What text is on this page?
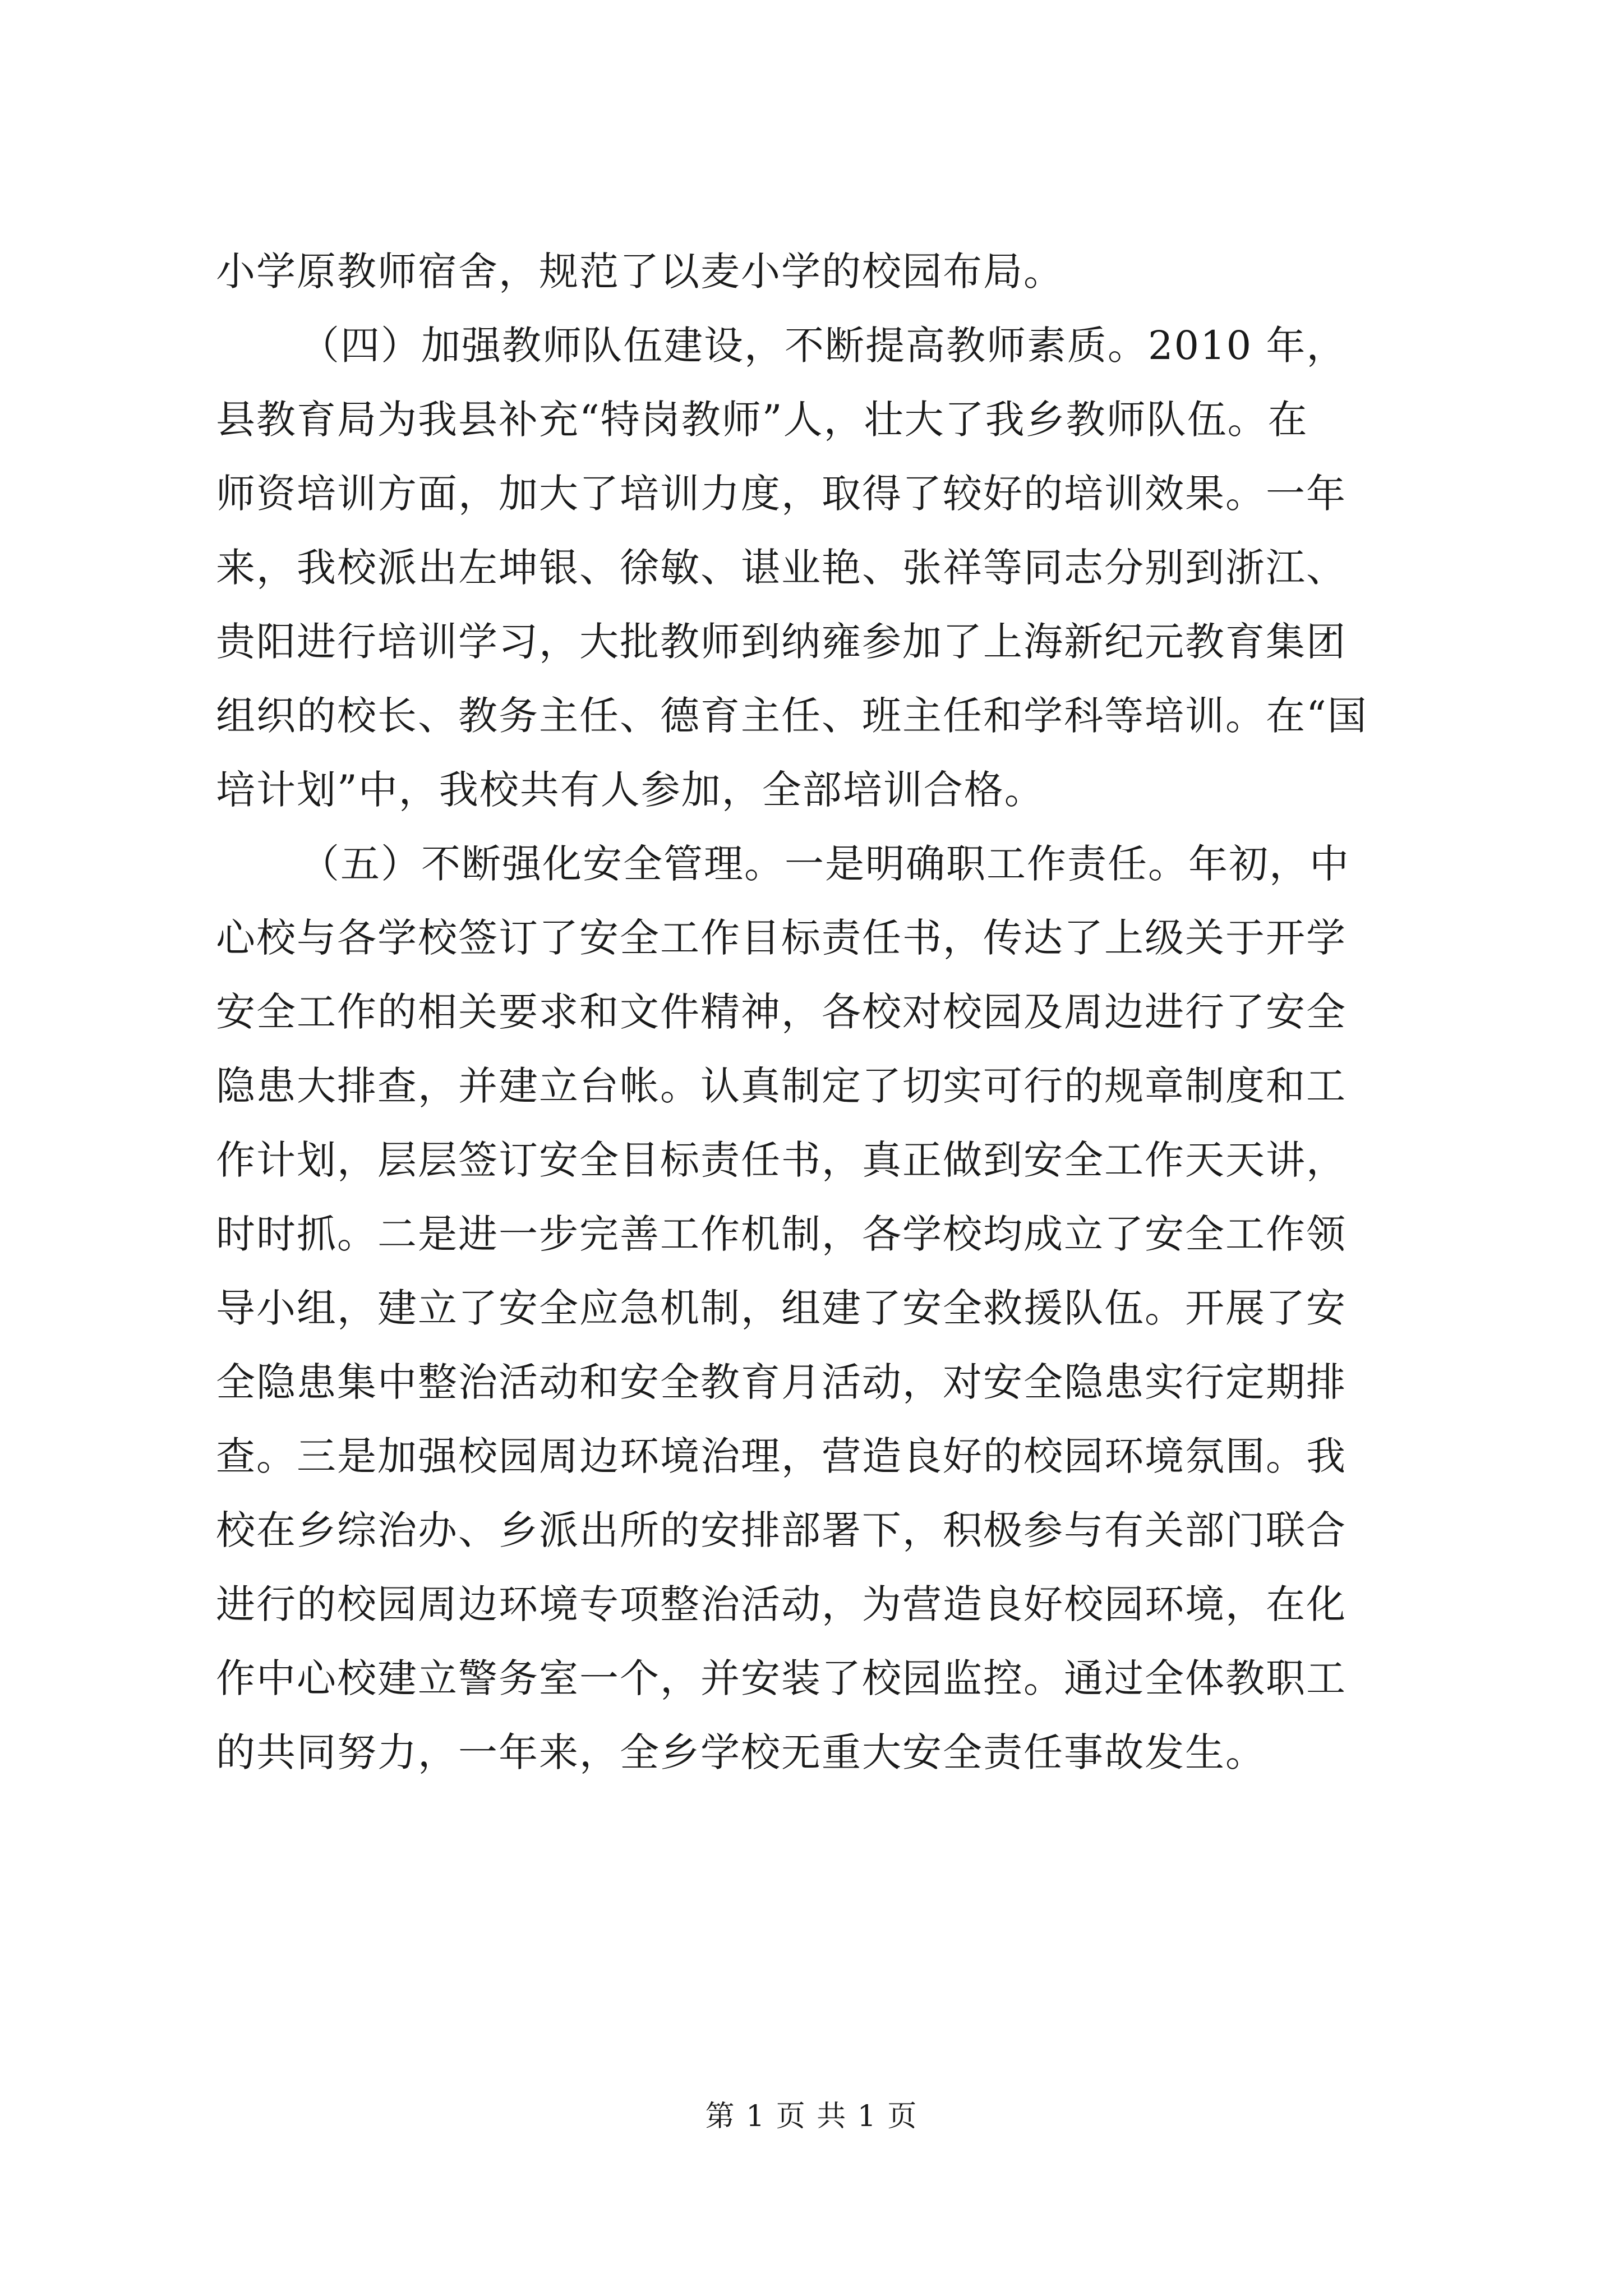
小学原教师宿舍，规范了以麦小学的校园布局。
（四）加强教师队伍建设，不断提高教师素质。2010 年，
县教育局为我县补充“特岗教师”人，壮大了我乡教师队伍。在
师资培训方面，加大了培训力度，取得了较好的培训效果。一年
来，我校派出左坤银、徐敏、谌业艳、张祥等同志分别到浙江、
贵阳进行培训学习，大批教师到纳雍参加了上海新纪元教育集团
组织的校长、教务主任、德育主任、班主任和学科等培训。在“国
培计划”中，我校共有人参加，全部培训合格。
（五）不断强化安全管理。一是明确职工作责任。年初，中
心校与各学校签订了安全工作目标责任书，传达了上级关于开学
安全工作的相关要求和文件精神，各校对校园及周边进行了安全
隐患大排查，并建立台帐。认真制定了切实可行的规章制度和工
作计划，层层签订安全目标责任书，真正做到安全工作天天讲，
时时抓。二是进一步完善工作机制，各学校均成立了安全工作领
导小组，建立了安全应急机制，组建了安全救援队伍。开展了安
全隐患集中整治活动和安全教育月活动，对安全隐患实行定期排
查。三是加强校园周边环境治理，营造良好的校园环境氛围。我
校在乡综治办、乡派出所的安排部署下，积极参与有关部门联合
进行的校园周边环境专项整治活动，为营造良好校园环境，在化
作中心校建立警务室一个，并安装了校园监控。通过全体教职工
的共同努力，一年来，全乡学校无重大安全责任事故发生。
第 1 页 共 1 页
